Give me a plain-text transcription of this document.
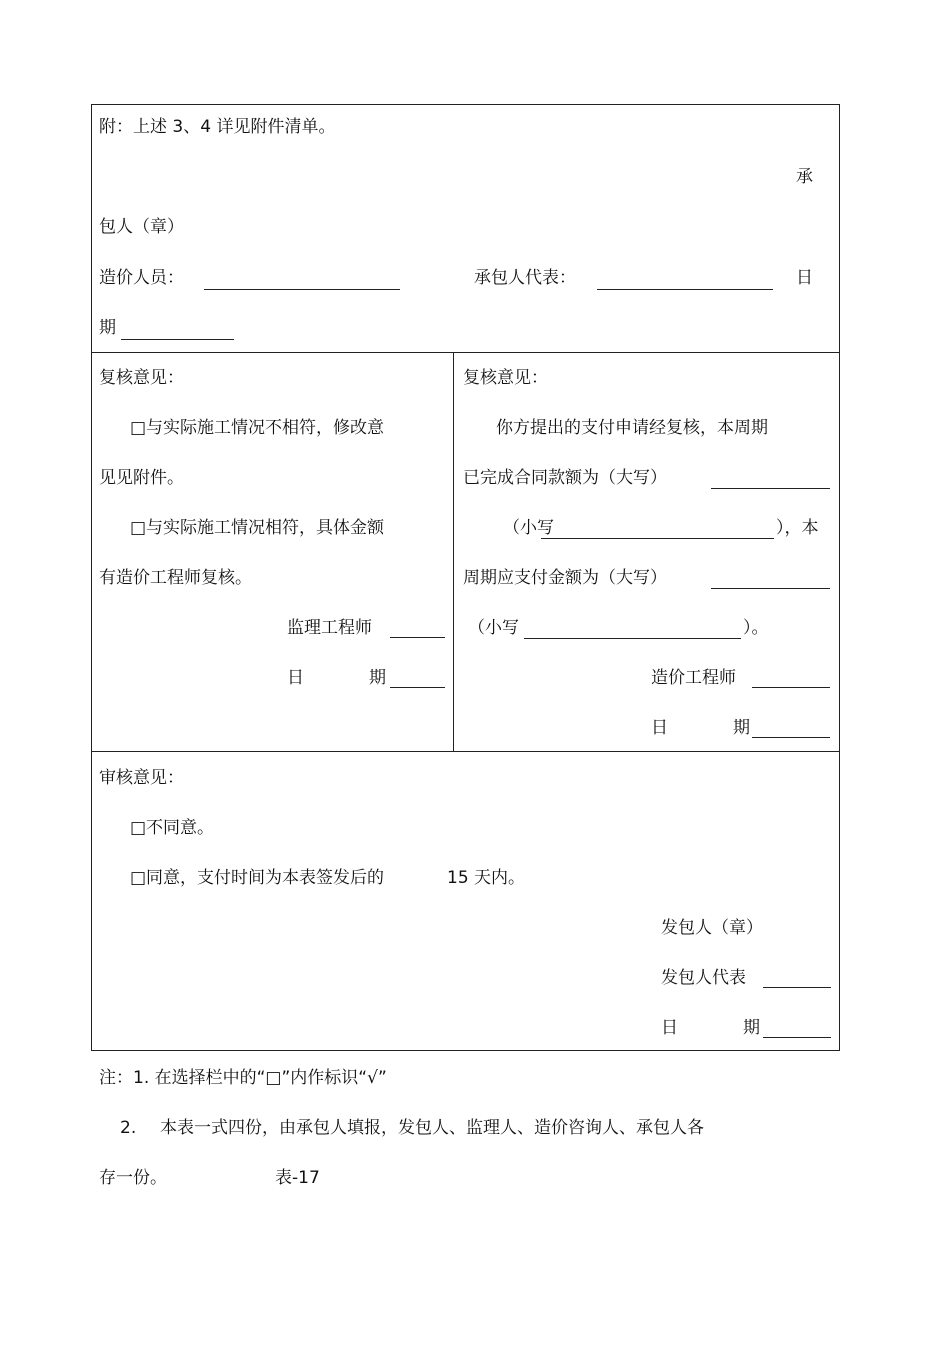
附：上述 3、4 详见附件清单。
承
包人（章）
造价人员：	承包人代表：	日
期
复核意见：
□与实际施工情况不相符，修改意
见见附件。
□与实际施工情况相符，具体金额
有造价工程师复核。
监理工程师
日	期
复核意见：
你方提出的支付申请经复核，本周期
已完成合同款额为（大写）
（小写	），本
周期应支付金额为（大写）
（小写	）。
造价工程师
日	期
审核意见：
□不同意。
□同意，支付时间为本表签发后的	15 天内。
发包人（章）
发包人代表
日	期
注：1. 在选择栏中的“□”内作标识“√”
2. 本表一式四份，由承包人填报，发包人、监理人、造价咨询人、承包人各
存一份。	表-17
